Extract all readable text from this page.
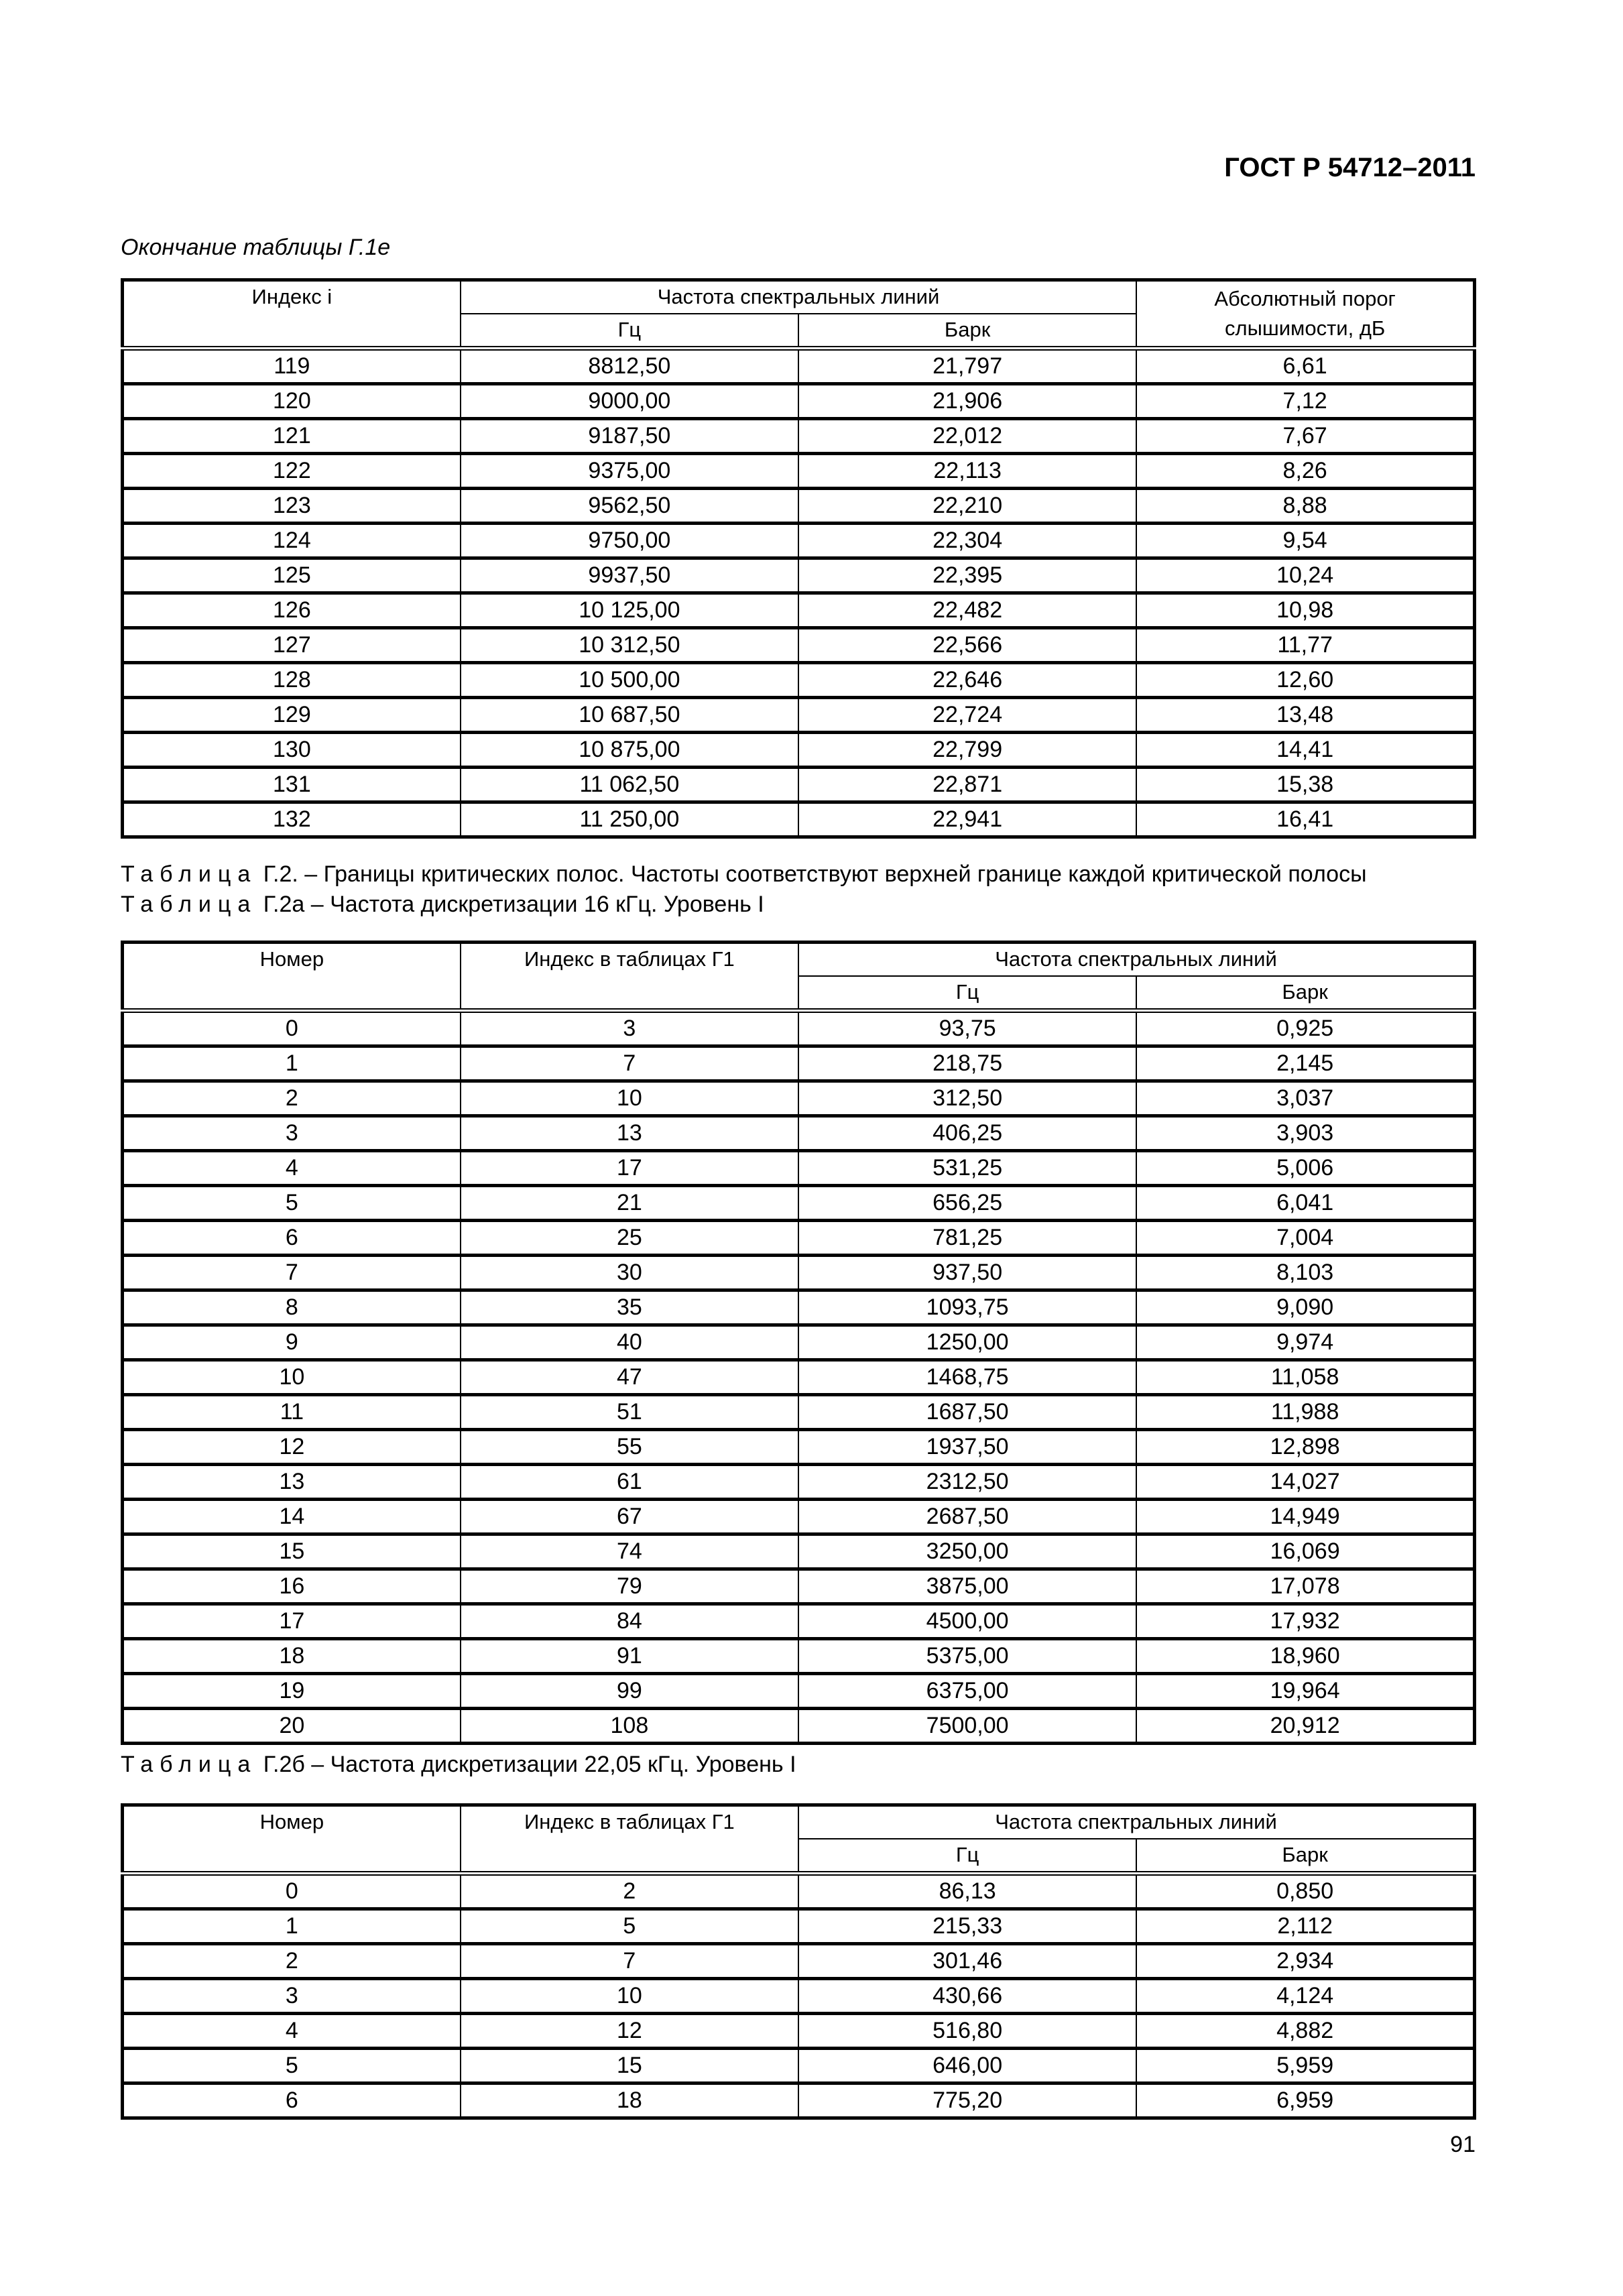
ГОСТ Р 54712–2011
Окончание таблицы Г.1е
Индекс i	Частота спектральных линий		Абсолютный порог слышимости, дБ
	Гц	Барк	
119	8812,50	21,797	6,61
120	9000,00	21,906	7,12
121	9187,50	22,012	7,67
122	9375,00	22,113	8,26
123	9562,50	22,210	8,88
124	9750,00	22,304	9,54
125	9937,50	22,395	10,24
126	10 125,00	22,482	10,98
127	10 312,50	22,566	11,77
128	10 500,00	22,646	12,60
129	10 687,50	22,724	13,48
130	10 875,00	22,799	14,41
131	11 062,50	22,871	15,38
132	11 250,00	22,941	16,41
Таблица Г.2. – Границы критических полос. Частоты соответствуют верхней границе каждой критической полосы
Таблица Г.2а – Частота дискретизации 16 кГц. Уровень I
Номер	Индекс в таблицах Г1	Частота спектральных линий	
		Гц	Барк
0	3	93,75	0,925
1	7	218,75	2,145
2	10	312,50	3,037
3	13	406,25	3,903
4	17	531,25	5,006
5	21	656,25	6,041
6	25	781,25	7,004
7	30	937,50	8,103
8	35	1093,75	9,090
9	40	1250,00	9,974
10	47	1468,75	11,058
11	51	1687,50	11,988
12	55	1937,50	12,898
13	61	2312,50	14,027
14	67	2687,50	14,949
15	74	3250,00	16,069
16	79	3875,00	17,078
17	84	4500,00	17,932
18	91	5375,00	18,960
19	99	6375,00	19,964
20	108	7500,00	20,912
Таблица Г.2б – Частота дискретизации 22,05 кГц. Уровень I
Номер	Индекс в таблицах Г1	Частота спектральных линий	
		Гц	Барк
0	2	86,13	0,850
1	5	215,33	2,112
2	7	301,46	2,934
3	10	430,66	4,124
4	12	516,80	4,882
5	15	646,00	5,959
6	18	775,20	6,959
91
